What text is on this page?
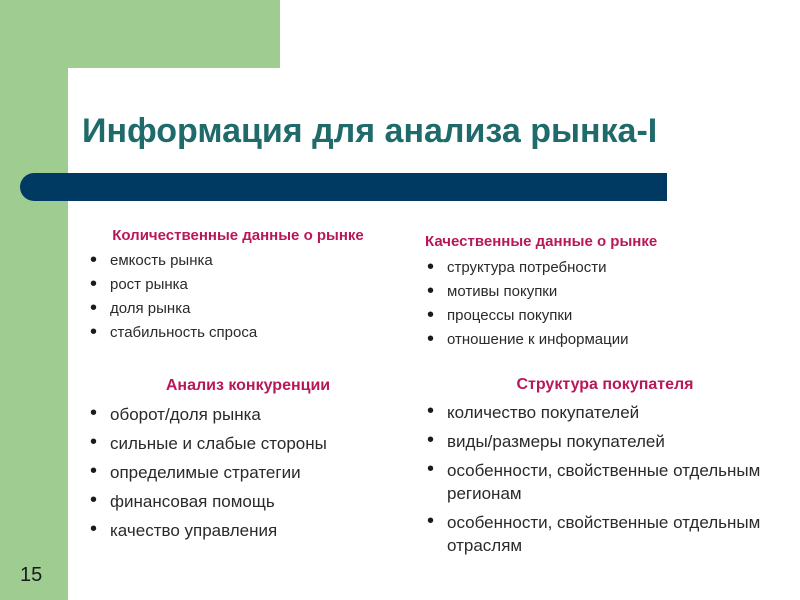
Информация для анализа рынка-I
Количественные данные о рынке
• емкость рынка
• рост рынка
• доля рынка
• стабильность спроса
Качественные данные о рынке
• структура потребности
• мотивы покупки
• процессы покупки
• отношение к информации
Анализ конкуренции
• оборот/доля рынка
• сильные и слабые стороны
• определимые стратегии
• финансовая помощь
• качество управления
Структура покупателя
• количество покупателей
• виды/размеры покупателей
• особенности, свойственные отдельным регионам
• особенности, свойственные отдельным отраслям
15
